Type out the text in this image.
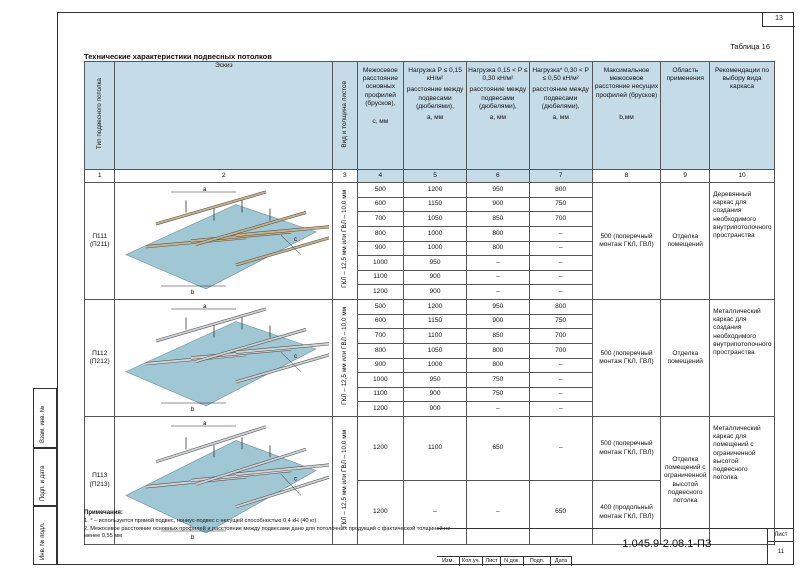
13
Взам. инв. №
Подп. и дата
Инв. № подл.
Таблица 16
Технические характеристики подвесных потолков
Тип подвесного потолка	Эскиз	Вид и толщина листов	Межосевое расстояние основных профилей (брусков),
с, мм	Нагрузка P ≤ 0,15 кН/м²
расстояние между подвесами (дюбелями),
а, мм	Нагрузка 0,15 < P ≤ 0,30 кН/м²
расстояние между подвесами (дюбелями),
а, мм	Нагрузка* 0,30 < P ≤ 0,50 кН/м²
расстояние между подвесами (дюбелями),
а, мм	Максимальное межосевое расстояние несущих профилей (брусков)
b,мм	Область применения	Рекомендации по выбору вида каркаса

1	2	3	4	5	6	7	8	9	10
П111 (П211)	a
b
c	ГКЛ – 12,5 мм или ГВЛ – 10,0 мм	500	1200	950	800	500 (поперечный монтаж ГКЛ, ГВЛ)	Отделка помещений	Деревянный каркас для создания необходимого внутрипотолочного пространства
			600	1150	900	750			
			700	1050	850	700			
			800	1000	800	–			
			900	1000	800	–			
			1000	950	–	–			
			1100	900	–	–			
			1200	900	–	–			
П112 (П212)	a
b
c	ГКЛ – 12,5 мм или ГВЛ – 10,0 мм	500	1200	950	800	500 (поперечный монтаж ГКЛ, ГВЛ)	Отделка помещений	Металлический каркас для создания необходимого внутрипотолочного пространства
			600	1150	900	750			
			700	1100	850	700			
			800	1050	800	700			
			900	1000	800	–			
			1000	950	750	–			
			1100	900	750	–			
			1200	900	–	–			
П113 (П213)	a
b
c	ГКЛ – 12,5 мм или ГВЛ – 10,0 мм	1200	1100	650	–	500 (поперечный монтаж ГКЛ, ГВЛ)	Отделка помещений с ограниченной высотой подвесного потолка	Металлический каркас для помещений с ограниченной высотой подвесного потолка
			1200	–	–	650	400 (продольный монтаж ГКЛ, ГВЛ)		
Примечания:
1. * – используется прямой подвес, нониус-подвес с несущей способностью 0,4 кН (40 кг)
2. Межосевое расстояние основных профилей и расстояние между подвесами дано для потолочных продукций с фактической толщиной не менее 0,55 мм
Изм.	Кол.уч.	Лист	N док.	Подп.	Дата
1.045.9-2.08.1-ПЗ
Лист
11
